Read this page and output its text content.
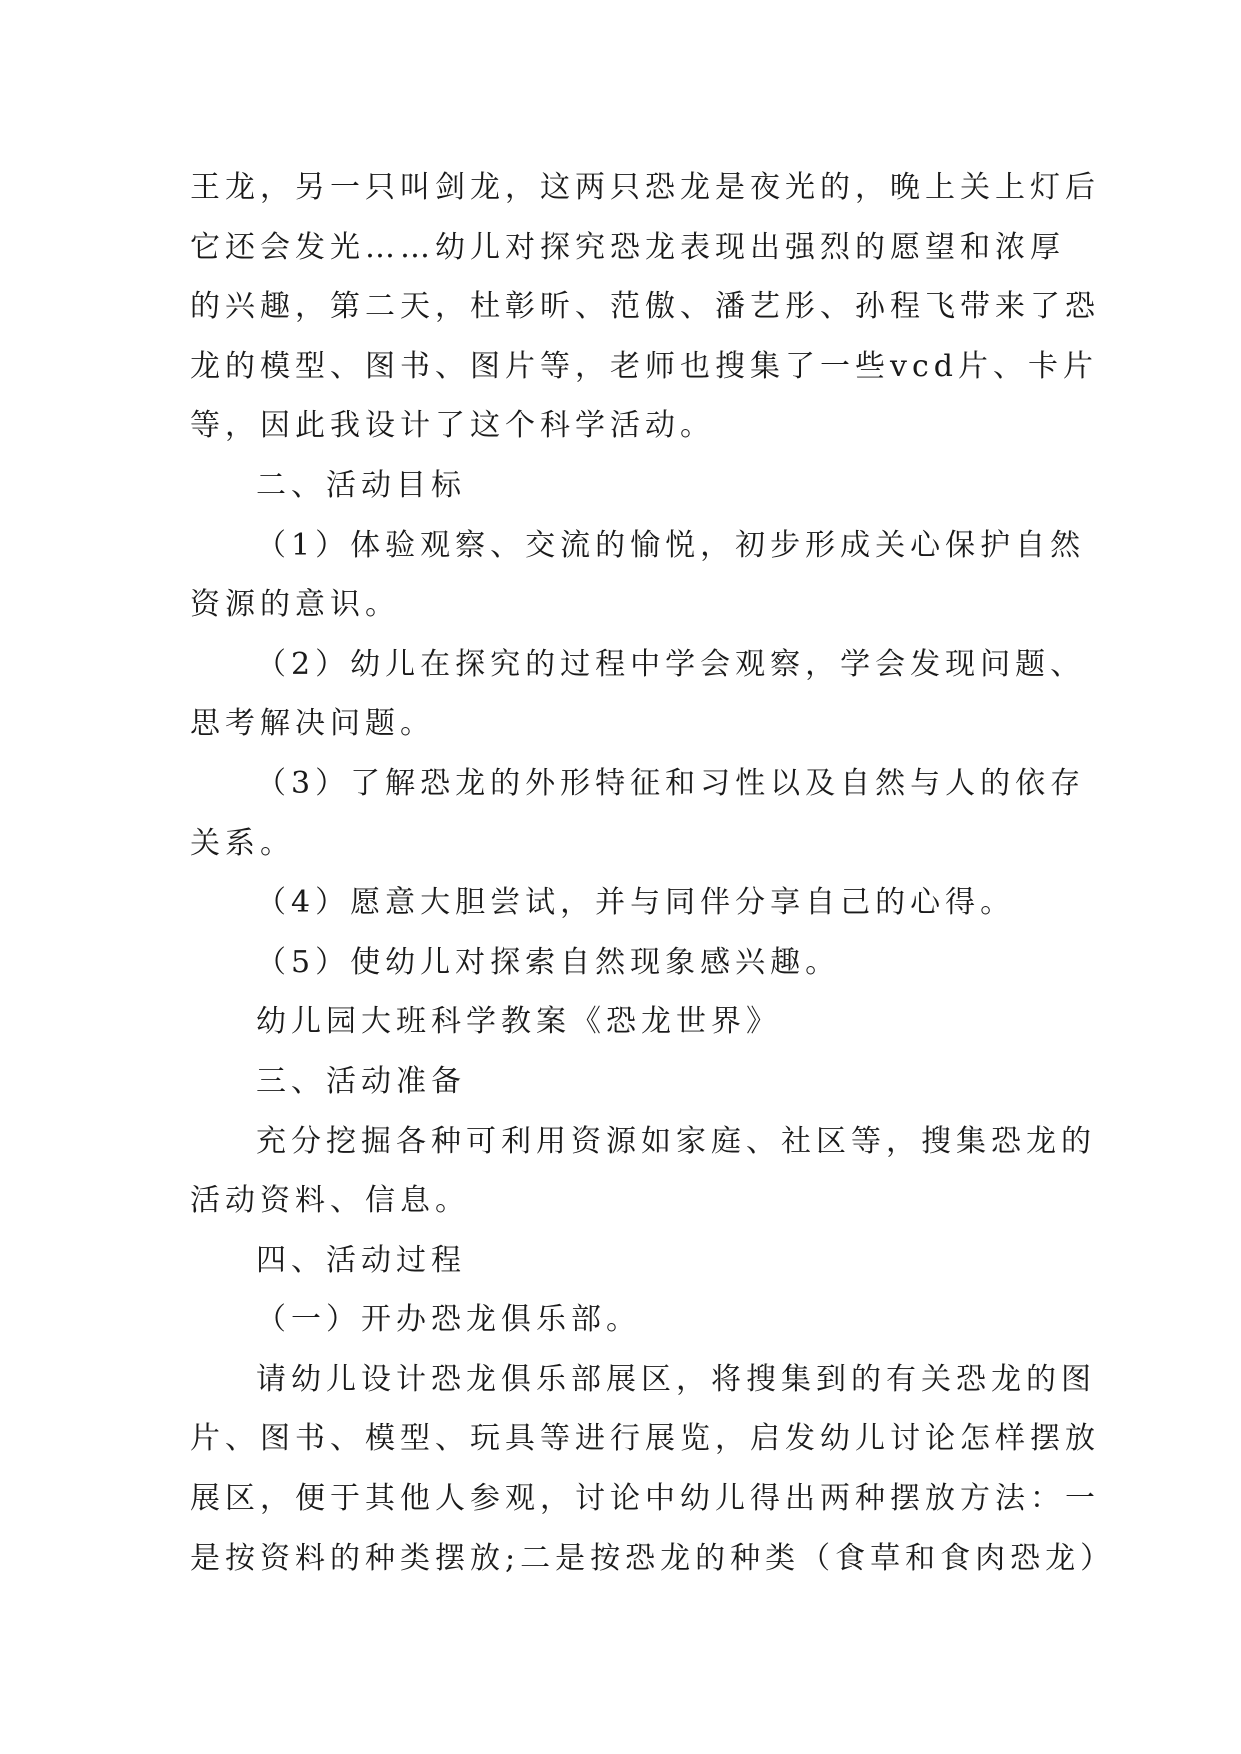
王龙，另一只叫剑龙，这两只恐龙是夜光的，晚上关上灯后
它还会发光……幼儿对探究恐龙表现出强烈的愿望和浓厚
的兴趣，第二天，杜彰昕、范傲、潘艺彤、孙程飞带来了恐
龙的模型、图书、图片等，老师也搜集了一些vcd片、卡片
等，因此我设计了这个科学活动。
二、活动目标
（1）体验观察、交流的愉悦，初步形成关心保护自然
资源的意识。
（2）幼儿在探究的过程中学会观察，学会发现问题、
思考解决问题。
（3）了解恐龙的外形特征和习性以及自然与人的依存
关系。
（4）愿意大胆尝试，并与同伴分享自己的心得。
（5）使幼儿对探索自然现象感兴趣。
幼儿园大班科学教案《恐龙世界》
三、活动准备
充分挖掘各种可利用资源如家庭、社区等，搜集恐龙的
活动资料、信息。
四、活动过程
（一）开办恐龙俱乐部。
请幼儿设计恐龙俱乐部展区，将搜集到的有关恐龙的图
片、图书、模型、玩具等进行展览，启发幼儿讨论怎样摆放
展区，便于其他人参观，讨论中幼儿得出两种摆放方法：一
是按资料的种类摆放;二是按恐龙的种类（食草和食肉恐龙）
